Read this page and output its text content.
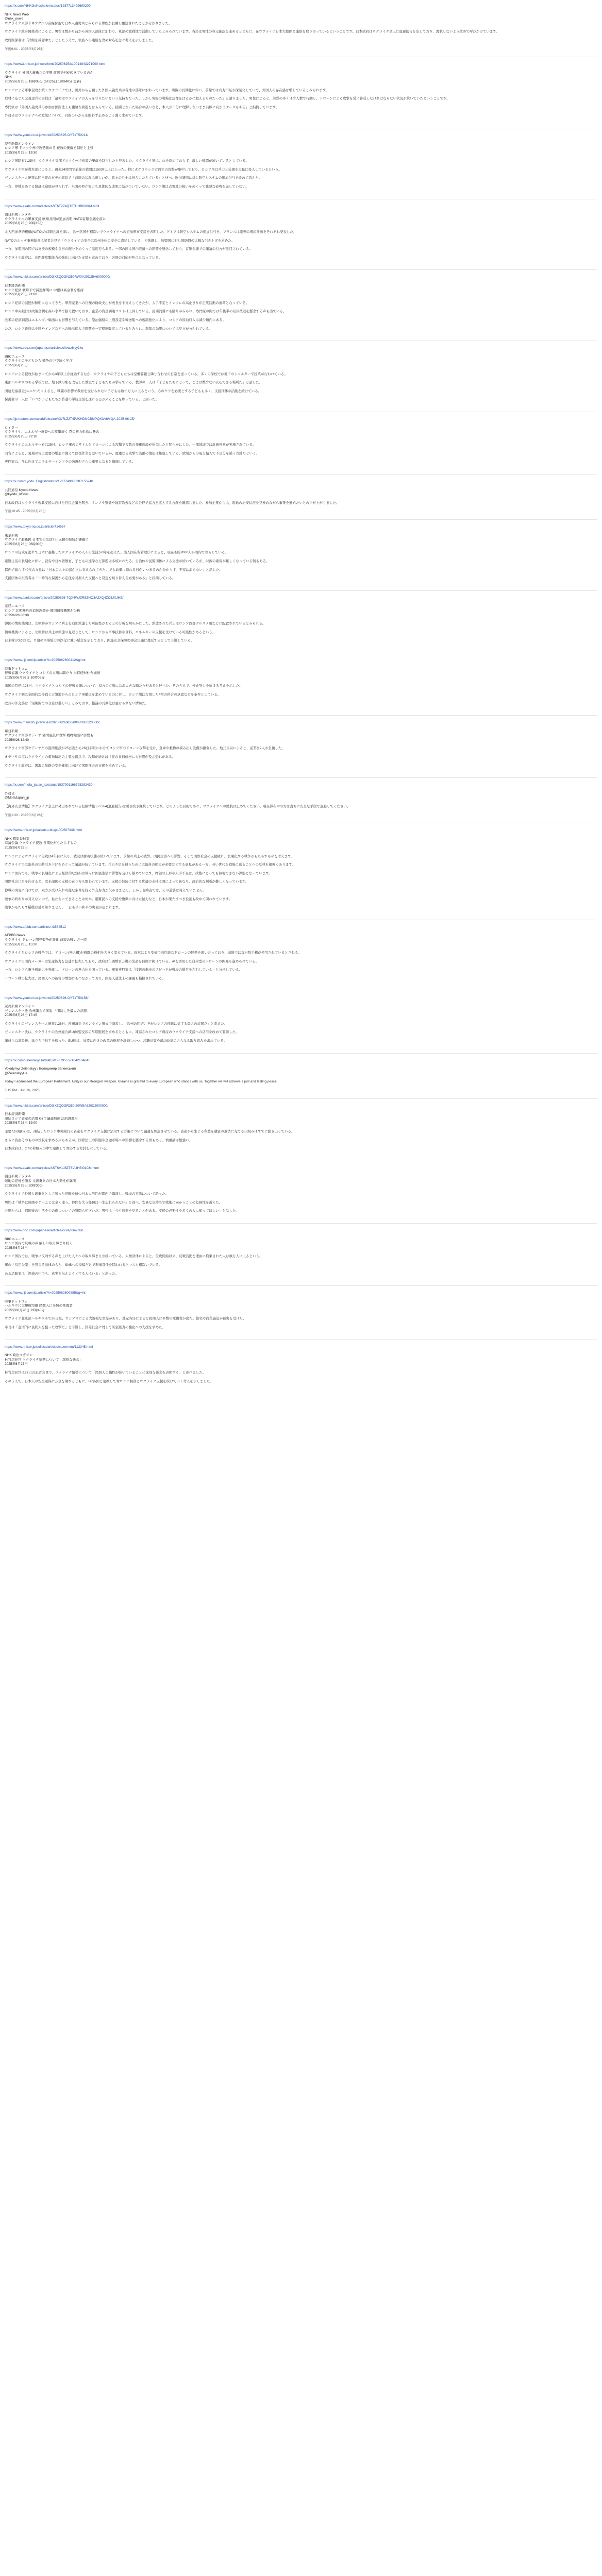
https://x.com/NHKGoKoshelev/status/1937713499699209
NHK News Web
@nhk_news
ウクライナ東部ドネツク州の前線付近で日本人義勇兵とみられる男性が負傷し搬送されたことが分かりました。

ウクライナ政府関係者によると、男性は数か月前から外国人部隊に加わり、東部の激戦地で活動していたとみられています。当局は男性の身元確認を進めるとともに、在ウクライナ日本大使館と連絡を取り合っているということです。日本政府はウクライナ全土に退避勧告を出しており、渡航しないよう改めて呼びかけています。

政府関係者は「詳細を確認中だ」としたうえで、家族への連絡を含め対応を急ぐ考えを示しました。

午後6:01 · 2025年6月25日
https://www3.nhk.or.jp/news/html/20250625/k10014843271000.html
ウクライナ 外国人義勇兵の実態 前線で何が起きているのか
NHK
2025年6月25日 18時05分 (6月25日 18時40分 更新)

ロシアによる軍事侵攻が続くウクライナでは、国外から志願した外国人義勇兵が各地の部隊に加わっています。戦闘の長期化に伴い、前線では兵力不足が深刻化していて、外国人の存在感は増しているとみられます。

取材に応じた元義勇兵の男性は「最初はウクライナの人々を守りたいという気持ちだった。しかし実際の戦場は想像をはるかに超えるものだった」と語りました。男性によると、部隊の多くは少人数で行動し、ドローンによる攻撃を常に警戒しなければならない状況が続いていたということです。

専門家は「外国人義勇兵の参加は国際法上も複雑な問題をはらんでいる。捕虜となった場合の扱いなど、本人が十分に理解しないまま前線に向かうケースもある」と指摘しています。

外務省はウクライナへの渡航について、目的のいかんを問わず止めるよう強く求めています。

https://www.yomiuri.co.jp/world/20250625-OYT1T50211/
読売新聞オンライン
ロシア軍 ドネツク州で攻勢強める 複数の集落を制圧と主張
2025年6月25日 19:30

ロシア国防省は25日、ウクライナ東部ドネツク州で複数の集落を制圧したと発表した。ウクライナ軍はこれを認めておらず、激しい戦闘が続いているとしている。

ウクライナ軍参謀本部によると、過去24時間で前線の戦闘は150回以上に上った。特にポクロウシク方面での攻撃が集中しており、ロシア軍は兵力と装備を大量に投入しているという。

ゼレンスキー大統領は同日夜のビデオ演説で「前線の状況は厳しいが、我々の兵士は持ちこたえている」と述べ、欧米諸国に対し防空システムの追加供与を改めて訴えた。

一方、停戦をめぐる協議は進展が見られず、米国の仲介努力も具体的な成果に結びついていない。ロシア側は占領地の扱いをめぐって強硬な姿勢を崩していない。

https://www.asahi.com/articles/AST6T2Z4QT6TUHBI00XM.html
朝日新聞デジタル
ウクライナへの軍事支援 欧州各国が追加表明 NATO首脳会議を前に
2025年6月25日 20時15分

北大西洋条約機構(NATO)の首脳会議を前に、欧州各国が相次いでウクライナへの追加軍事支援を表明した。ドイツは防空システムの追加供与を、フランスは砲弾の増産計画をそれぞれ発表した。

NATOのルッテ事務総長は記者会見で「ウクライナの安全は欧州全体の安全に直結している」と強調し、加盟国に対し国防費の大幅な引き上げを求めた。

一方、加盟国の間では支援の規模や負担の配分をめぐって温度差もある。一部の国は国内経済への影響を懸念しており、首脳会議での議論の行方が注目されている。

ウクライナ政府は、長距離攻撃能力の強化に向けた支援も求めており、各国の対応が焦点となっている。

https://www.nikkei.com/article/DGXZQOGN250RW0V20C25A6000000/
日本経済新聞
ロシア経済 戦時下で減速鮮明に 中銀は高金利を維持
2025年6月25日 21:00

ロシア経済の減速が鮮明になってきた。軍需産業への巨額の財政支出が成長を下支えしてきたが、人手不足とインフレの高止まりが企業活動の重荷となっている。

ロシア中央銀行は政策金利を高い水準で据え置いており、企業の資金調達コストは上昇している。民間消費にも陰りがみられ、専門家の間では年後半の景気後退を懸念する声も出ている。

欧米の経済制裁はエネルギー輸出にも影響を与えている。原油価格の上限設定や輸送船への規制強化により、ロシアの原油収入は減少傾向にある。

ただ、ロシア政府は中国やインドなどへの輸出拡大で影響を一定程度吸収しているとみられ、制裁の効果については見方が分かれている。

https://www.bbc.com/japanese/articles/c0ewz6lyy1ko
BBCニュース
ウクライナの子どもたち 戦争の中で続く学び
2025年6月25日

ロシアによる侵攻が始まってから3年以上が経過するなか、ウクライナの子どもたちは空襲警報と隣り合わせの日常を送っている。多くの学校では地下のシェルターで授業が行われている。

東部ハルキウのある学校では、地下鉄の駅を改装した教室で子どもたちが学んでいる。教師の一人は「子どもたちにとって、ここは数少ない安心できる場所だ」と話した。

国連児童基金(ユニセフ)によると、戦闘の影響で教育を受けられない子どもは数十万人に上るという。心のケアを必要とする子どもも多く、支援団体が活動を続けている。

保護者の一人は「いつか子どもたちが普通の学校生活を送れる日が来ることを願っている」と語った。

https://jp.reuters.com/world/ukraine/XU7LZ2T4PJKHDNCBMPQK3A6MQA-2025-06-25/
ロイター
ウクライナ、エネルギー施設への攻撃続く 夏の電力供給に懸念
2025年6月25日 22:10

ウクライナのエネルギー省は25日、ロシア軍のミサイルとドローンによる攻撃で複数の発電施設が損傷したと明らかにした。一部地域では計画停電が実施されている。

同省によると、夏場の電力需要の増加に備えて修復作業を急いでいるが、度重なる攻撃で設備の復旧は難航している。欧州からの電力輸入で不足分を補う方針だという。

専門家は、冬に向けてエネルギーインフラの防護がさらに重要になると指摘している。

https://x.com/Kyodo_English/status/1937749830287155240
共同通信 Kyodo News
@kyodo_official

日本政府はウクライナ復興支援に向けた官民会議を開き、インフラ整備や地雷除去などの分野で協力を拡大する方針を確認しました。参加企業からは、現地の治安状況を見極めながら事業を進めたいとの声が上がりました。

午後10:45 · 2025年6月25日
https://www.tokyo-np.co.jp/article/414567
東京新聞
ウクライナ避難民 日本での生活3年 支援の継続が課題に
2025年6月26日 06時00分

ロシアの侵攻を逃れて日本に避難したウクライナの人々の生活が3年を超えた。出入国在留管理庁によると、現在も約2000人が国内で暮らしている。

避難生活の長期化に伴い、就労や日本語教育、子どもの進学など課題は多岐にわたる。自治体や民間団体による支援が続いているが、財源の確保が難しくなっている例もある。

都内で暮らす40代の女性は「日本の人々の温かさに支えられてきた。でも故郷に帰れる日がいつ来るのか分からず、不安は消えない」と話した。

支援団体の担当者は「一時的な保護から定住を見据えた支援へと発想を切り替える必要がある」と指摘している。

https://www.sankei.com/article/20250626-7QX4WJZR5ZNO3A2XQ4ZC5JXJHE/
産経ニュース
ロシア 北朝鮮兵の追加派遣か 韓国情報機関が分析
2025/6/26 08:30

韓国の情報機関は、北朝鮮がロシアに兵士を追加派遣した可能性があるとの分析を明らかにした。派遣された兵士はロシア西部クルスク州などに配置されているとみられる。

情報機関によると、北朝鮮は兵士の派遣の見返りとして、ロシアから軍事技術や食料、エネルギーの支援を受けている可能性があるという。

日米韓の3か国は、ロ朝の軍事協力の深化に強い懸念を示しており、国連安全保障理事会決議に違反するとして非難している。

https://www.jiji.com/jc/article?k=2025062600412&g=int
時事ドットコム
停戦協議 ウクライナとロシアの立場に隔たり 米特使が仲介継続
2025年06月26日 10時05分

米国の特使は26日、ウクライナとロシアの停戦協議について、双方の立場になお大きな隔たりがあると述べた。そのうえで、仲介努力を続ける考えを示した。

ウクライナ側は全面的な停戦と占領地からのロシア軍撤退を求めているのに対し、ロシア側は占領した4州の併合の承認などを条件としている。

欧州の外交筋は「短期間での合意は難しい」とみており、協議の長期化は避けられない情勢だ。

https://www.mainichi.jp/articles/20250626/k00/00m/030/120000c
毎日新聞
ウクライナ南部オデーサ 港湾施設に攻撃 穀物輸出に影響も
2025/6/26 12:40

ウクライナ南部オデーサ州の港湾施設が25日夜から26日未明にかけてロシア軍のドローン攻撃を受け、倉庫や穀物の積み出し設備が損傷した。地元当局によると、従業員2人が負傷した。

オデーサの港はウクライナの穀物輸出の主要な拠点で、攻撃が続けば世界の食料価格にも影響が及ぶ恐れがある。

ウクライナ政府は、黒海の航路の安全確保に向けて国際社会の支援を求めている。

https://x.com/mofa_japan_jp/status/1937901166728282430
外務省
@MofaJapan_jp

【海外安全情報】ウクライナ全土に発出されている危険情報レベル4(退避勧告)は引き続き継続しています。どのような目的であれ、ウクライナへの渡航は止めてください。現在滞在中の方は直ちに安全な手段で退避してください。

午後1:30 · 2025年6月26日
https://www.nhk.or.jp/kaisetsu-blog/100/507348.html
NHK 解説委員室
時論公論 ウクライナ侵攻 長期化がもたらすもの
2025年6月26日

ロシアによるウクライナ侵攻は4年目に入り、戦況は膠着状態が続いています。前線の兵士の疲弊、国民生活への影響、そして国際社会の支援疲れ。長期化する戦争がもたらすものを考えます。

ウクライナでは動員の年齢引き下げをめぐって議論が続いています。兵力不足を補うためには動員の拡大が必要だとする意見がある一方、若い世代を戦場に送ることへの反発も根強くあります。

ロシア国内でも、戦争の長期化による経済的な負担は徐々に国民生活に影響を及ぼし始めています。物価の上昇や人手不足は、政権にとっても無視できない課題となっています。

国際社会に目を向けると、欧米諸国の支援の在り方も問われています。支援の継続に対する世論の支持は国によって異なり、政治的な判断が難しくなっています。

停戦の実現に向けては、双方が受け入れ可能な条件を探る外交努力が欠かせません。しかし現時点では、その道筋は見えていません。

戦争の終わりが見えない中で、私たちにできることは何か。避難民への支援や復興に向けた協力など、日本が果たすべき役割も改めて問われています。

戦争がもたらす犠牲は計り知れません。一日も早い和平の実現が望まれます。

https://www.afpbb.com/articles/-/3584512
AFPBB News
ウクライナ ドローン開発競争が激化 前線の戦い方一変
2025年6月26日 15:20

ウクライナとロシアの戦争では、ドローン(無人機)が戦闘の様相を大きく変えている。両軍はより安価で高性能なドローンの開発を競い合っており、前線では毎日数千機が使用されているとされる。

ウクライナの国内メーカーは生産能力を急速に拡大しており、政府は年間数百万機の生産を目標に掲げている。AIを活用した自律型のドローンの開発も進められている。

一方、ロシアも電子戦能力を強化し、ドローンの無力化を図っている。軍事専門家は「技術の進歩のスピードが戦場の優劣を左右している」と分析している。

ドローン戦の拡大は、民間人への被害の増加にもつながっており、国際人道法上の課題も指摘されている。

https://www.yomiuri.co.jp/world/20250626-OYT1T50158/
読売新聞オンライン
ゼレンスキー氏 欧州議会で演説 「団結こそ最大の武器」
2025年6月26日 17:45

ウクライナのゼレンスキー大統領は26日、欧州議会でオンライン形式で演説し、「欧州の団結こそがロシアの侵略に対する最大の武器だ」と訴えた。

ゼレンスキー氏は、ウクライナの欧州連合(EU)加盟交渉の早期進展を求めるとともに、凍結されたロシア資産のウクライナ支援への活用を改めて要請した。

議員らは演説後、総立ちで拍手を送った。EU側は、加盟に向けた改革の進展を評価しつつ、汚職対策や司法改革のさらなる取り組みを求めている。

https://x.com/ZelenskyyUa/status/1937955571042164845
Volodymyr Zelenskyy / Володимир Зеленський
@ZelenskyyUa

Today I addressed the European Parliament. Unity is our strongest weapon. Ukraine is grateful to every European who stands with us. Together we will achieve a just and lasting peace.

5:15 PM · Jun 26, 2025
https://www.nikkei.com/article/DGXZQOGR260I20W5A620C2000000/
日本経済新聞
凍結ロシア資産の活用 G7で議論加速 法的課題も
2025年6月26日 19:00

主要7か国(G7)は、凍結したロシア中央銀行の資産をウクライナ支援に活用する方策について議論を加速させている。資産から生じる利益を融資の返済に充てる仕組みはすでに動き出している。

さらに資産そのものの没収を求める声もあるが、国際法上の問題や金融市場への影響を懸念する国もあり、慎重論は根強い。

日本政府は、G7の枠組みの中で連携して対応する方針を示している。

https://www.asahi.com/articles/AST6V1J8ZT6VUHBI01CM.html
朝日新聞デジタル
戦地の記憶を語る 元義勇兵の日本人男性が講演
2025年6月26日 20時30分

ウクライナで外国人義勇兵として戦った経験を持つ日本人男性が都内で講演し、戦場の実態について語った。

男性は「戦争は映画やゲームとは全く違う。仲間を失う経験は一生忘れられない」と述べ、安易な気持ちで戦地に向かうことの危険性を訴えた。

会場からは、帰国後の生活や心の傷についての質問も相次いだ。男性は「今も悪夢を見ることがある。支援の必要性を多くの人に知ってほしい」と話した。

https://www.bbc.com/japanese/articles/cx2ep8l47d8o
BBCニュース
ロシア国内で反戦の声 厳しい取り締まり続く
2025年6月26日

ロシア国内では、戦争に反対する声を上げた人々への取り締まりが続いている。人権団体によると、侵攻開始以来、反戦活動を理由に拘束された人は数万人に上るという。

軍の「信用失墜」を禁じる法律のもと、SNSへの投稿だけで刑事責任を問われるケースも相次いでいる。

ある活動家は「恐怖の中でも、真実を伝えようとする人はいる」と語った。

https://www.jiji.com/jc/article?k=2025062600885&g=int
時事ドットコム
ハルキウに大規模空爆 民間人に多数の死傷者
2025年06月26日 22時40分

ウクライナ北東部ハルキウ市で26日夜、ロシア軍による大規模な空爆があり、地元当局によると民間人に多数の死傷者が出た。住宅や商業施設が被害を受けた。

市長は「意図的に民間人を狙った攻撃だ」と非難し、国際社会に対して防空能力の強化への支援を求めた。

https://www.nhk.or.jp/politics/articles/statement/112345.html
NHK 政治マガジン
林官房長官 ウクライナ情勢について「深刻な懸念」
2025年6月27日

林官房長官は27日の記者会見で、ウクライナ情勢について「民間人の犠牲が続いていることに深刻な懸念を表明する」と述べました。

そのうえで、日本人の安全確保に万全を期すとともに、G7各国と連携して対ロシア制裁とウクライナ支援を続けていく考えを示しました。
